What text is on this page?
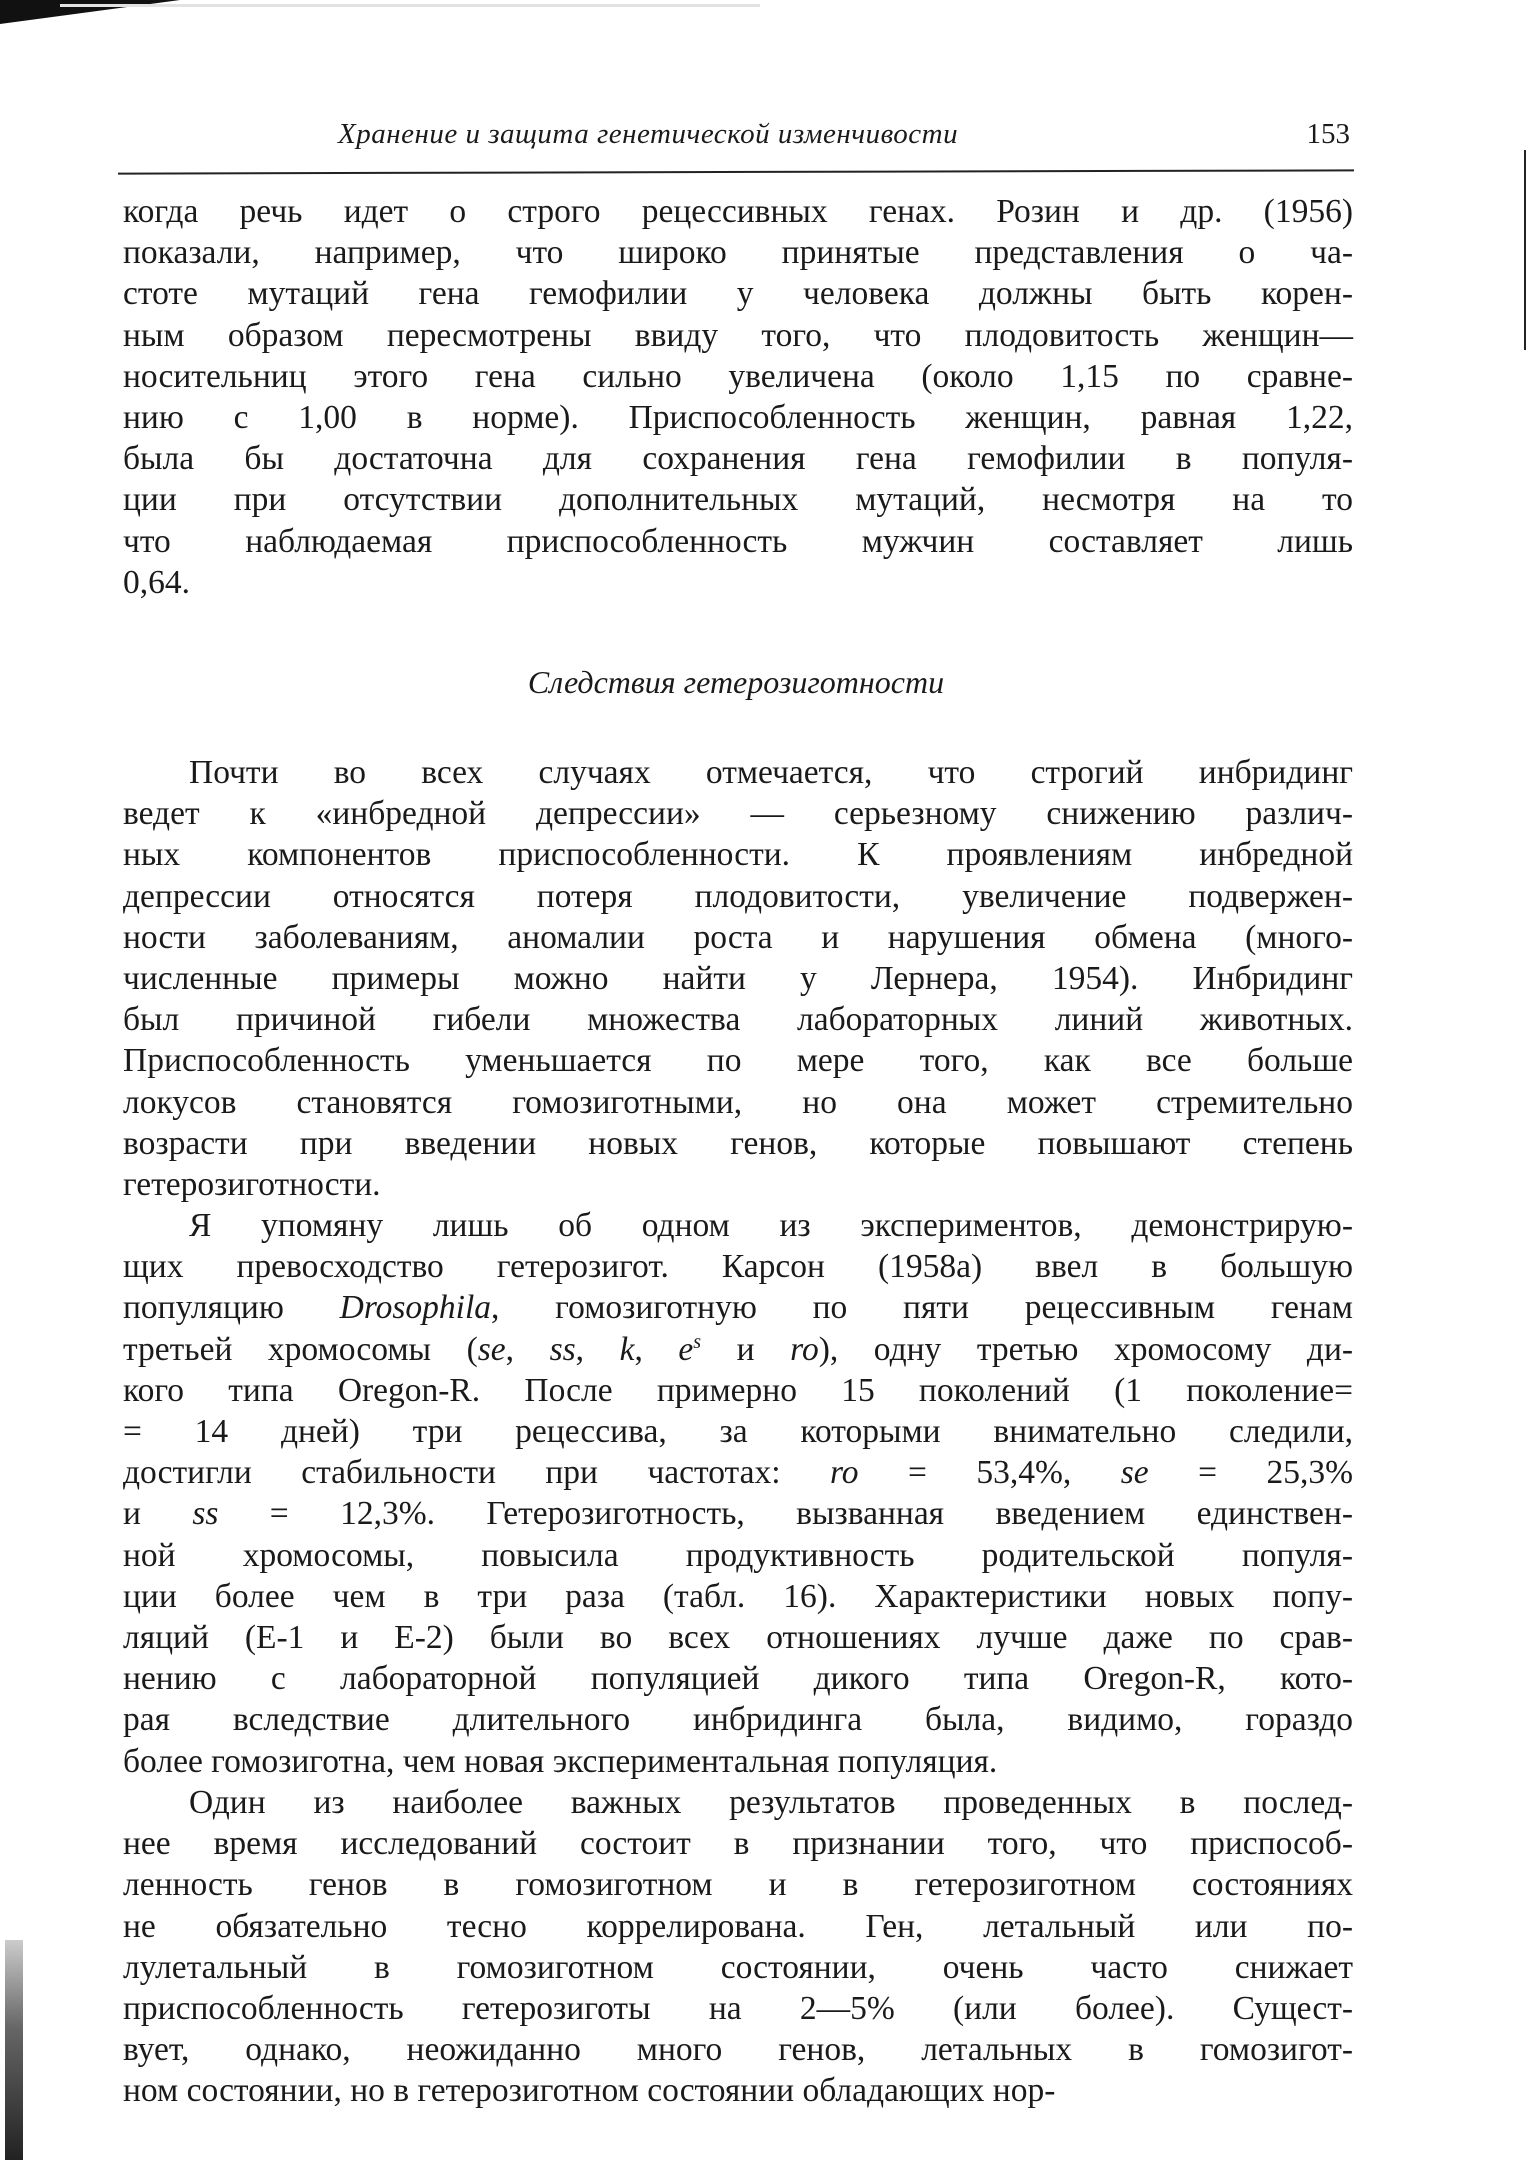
Хранение и защита генетической изменчивости	153
когда речь идет о строго рецессивных генах. Розин и др. (1956)
показали, например, что широко принятые представления о ча-
стоте мутаций гена гемофилии у человека должны быть корен-
ным образом пересмотрены ввиду того, что плодовитость женщин—
носительниц этого гена сильно увеличена (около 1,15 по сравне-
нию с 1,00 в норме). Приспособленность женщин, равная 1,22,
была бы достаточна для сохранения гена гемофилии в популя-
ции при отсутствии дополнительных мутаций, несмотря на то
что наблюдаемая приспособленность мужчин составляет лишь
0,64.
Следствия гетерозиготности
Почти во всех случаях отмечается, что строгий инбридинг
ведет к «инбредной депрессии» — серьезному снижению различ-
ных компонентов приспособленности. К проявлениям инбредной
депрессии относятся потеря плодовитости, увеличение подвержен-
ности заболеваниям, аномалии роста и нарушения обмена (много-
численные примеры можно найти у Лернера, 1954). Инбридинг
был причиной гибели множества лабораторных линий животных.
Приспособленность уменьшается по мере того, как все больше
локусов становятся гомозиготными, но она может стремительно
возрасти при введении новых генов, которые повышают степень
гетерозиготности.
Я упомяну лишь об одном из экспериментов, демонстрирую-
щих превосходство гетерозигот. Карсон (1958а) ввел в большую
популяцию Drosophila, гомозиготную по пяти рецессивным генам
третьей хромосомы (se, ss, k, $e^s$ и ro), одну третью хромосому ди-
кого типа Oregon-R. После примерно 15 поколений (1 поколение=
= 14 дней) три рецессива, за которыми внимательно следили,
достигли стабильности при частотах: ro = 53,4%, se = 25,3%
и ss = 12,3%. Гетерозиготность, вызванная введением единствен-
ной хромосомы, повысила продуктивность родительской популя-
ции более чем в три раза (табл. 16). Характеристики новых попу-
ляций (Е-1 и Е-2) были во всех отношениях лучше даже по срав-
нению с лабораторной популяцией дикого типа Oregon-R, кото-
рая вследствие длительного инбридинга была, видимо, гораздо
более гомозиготна, чем новая экспериментальная популяция.
Один из наиболее важных результатов проведенных в послед-
нее время исследований состоит в признании того, что приспособ-
ленность генов в гомозиготном и в гетерозиготном состояниях
не обязательно тесно коррелирована. Ген, летальный или по-
лулетальный в гомозиготном состоянии, очень часто снижает
приспособленность гетерозиготы на 2—5% (или более). Сущест-
вует, однако, неожиданно много генов, летальных в гомозигот-
ном состоянии, но в гетерозиготном состоянии обладающих нор-
